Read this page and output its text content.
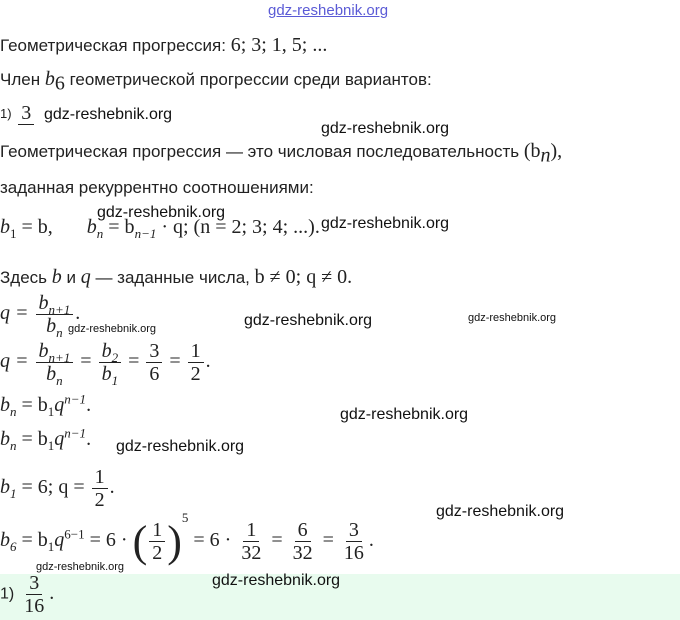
gdz-reshebnik.org
Геометрическая прогрессия: 6; 3; 1, 5; ...
Член $b_6$ геометрической прогрессии среди вариантов:
1) 3 gdz-reshebnik.org
gdz-reshebnik.org
Геометрическая прогрессия — это числовая последовательность $(b_n)$,
заданная рекуррентно соотношениями:
$b_1 = b$, $b_n = b_{n-1} \cdot q$; (n = 2; 3; 4; ...).
gdz-reshebnik.org
gdz-reshebnik.org
Здесь b и q — заданные числа, b ≠ 0; q ≠ 0.
$q = \frac{b_{n+1}}{b_n}$ .
gdz-reshebnik.org	gdz-reshebnik.org	gdz-reshebnik.org
$q = \frac{b_{n+1}}{b_n} = \frac{b_2}{b_1} = \frac{3}{6} = \frac{1}{2}$ .
$b_n = b_1q^{n-1}$.	gdz-reshebnik.org
$b_n = b_1q^{n-1}$. gdz-reshebnik.org
$b_1 = 6$; $q = \frac{1}{2}$ .
gdz-reshebnik.org
$b_6 = b_1q^{6-1} = 6$ · ( $\frac{1}{2} )^5 = 6 \cdot \frac{1}{32} = \frac{6}{32} = \frac{3}{16}$ .
gdz-reshebnik.org
$1) \frac{3}{16}$ .
gdz-reshebnik.org
